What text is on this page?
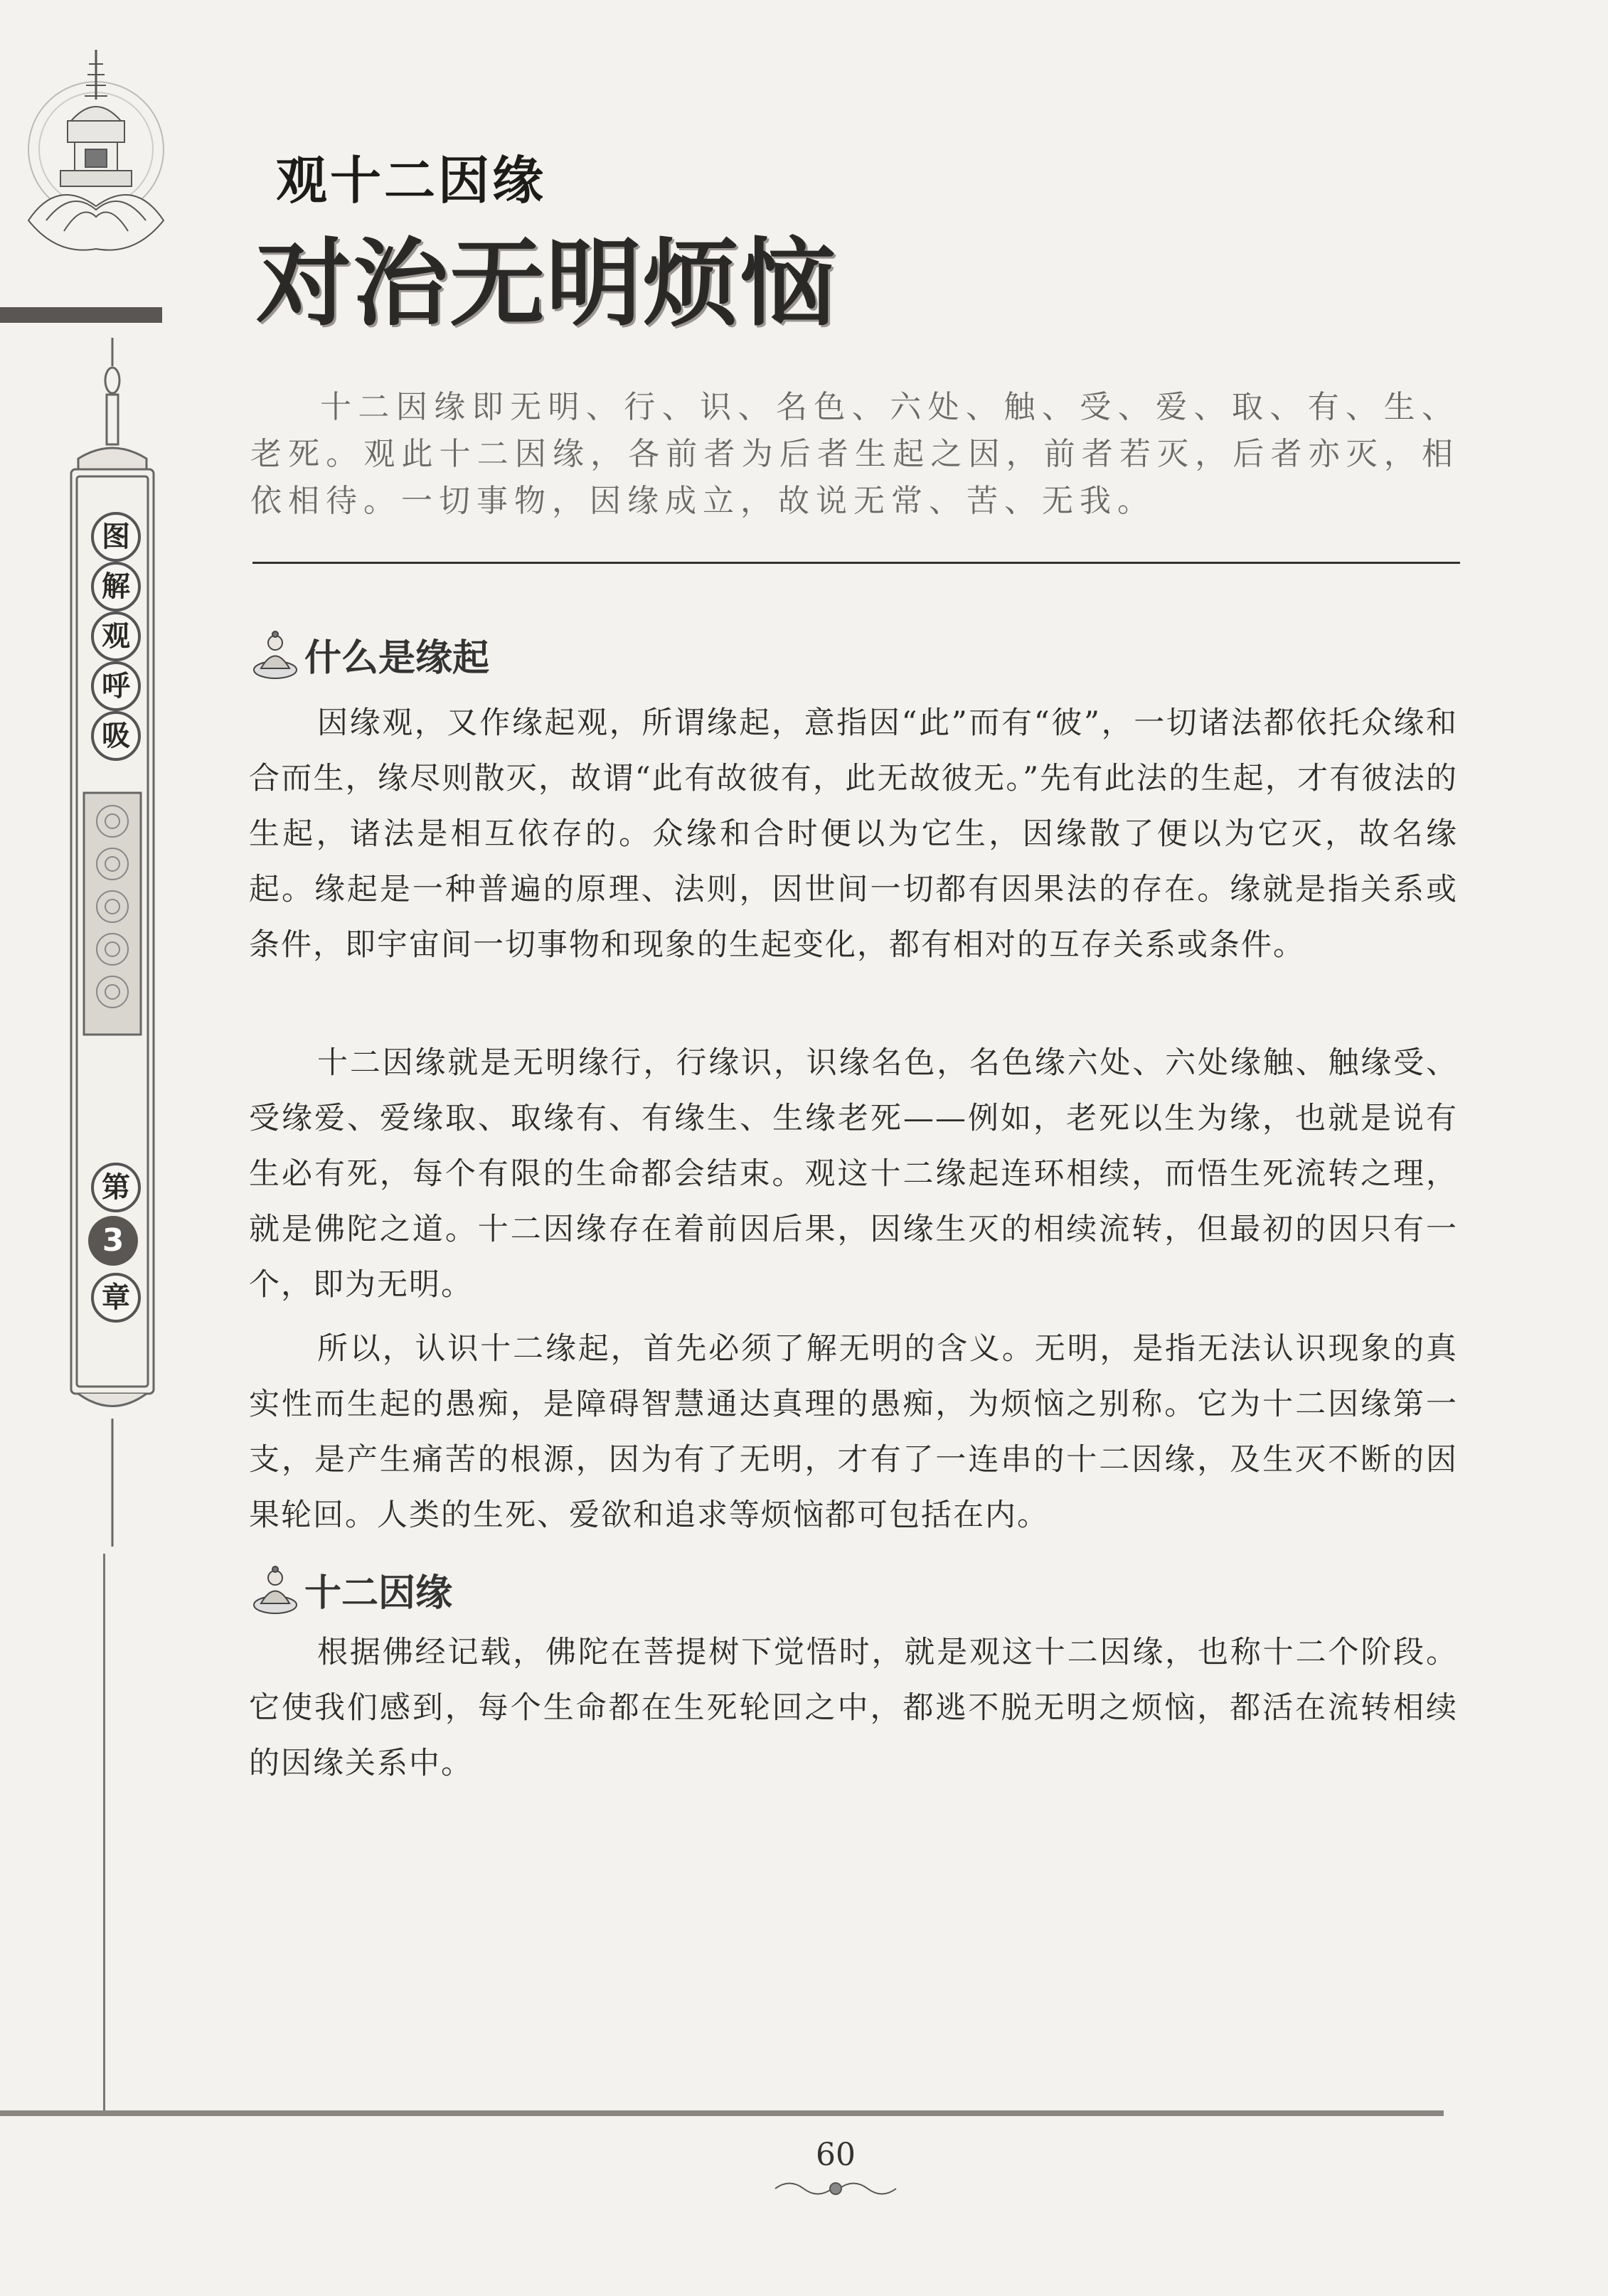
图
解
观
呼
吸
第
3
章
观十二因缘
对治无明烦恼
十二因缘即无明、行、识、名色、六处、触、受、爱、取、有、生、老死。观此十二因缘，各前者为后者生起之因，前者若灭，后者亦灭，相依相待。一切事物，因缘成立，故说无常、苦、无我。
什么是缘起

因缘观，又作缘起观，所谓缘起，意指因“此”而有“彼”，一切诸法都依托众缘和合而生，缘尽则散灭，故谓“此有故彼有，此无故彼无。”先有此法的生起，才有彼法的生起，诸法是相互依存的。众缘和合时便以为它生，因缘散了便以为它灭，故名缘起。缘起是一种普遍的原理、法则，因世间一切都有因果法的存在。缘就是指关系或条件，即宇宙间一切事物和现象的生起变化，都有相对的互存关系或条件。

十二因缘就是无明缘行，行缘识，识缘名色，名色缘六处、六处缘触、触缘受、受缘爱、爱缘取、取缘有、有缘生、生缘老死——例如，老死以生为缘，也就是说有生必有死，每个有限的生命都会结束。观这十二缘起连环相续，而悟生死流转之理，就是佛陀之道。十二因缘存在着前因后果，因缘生灭的相续流转，但最初的因只有一个，即为无明。

所以，认识十二缘起，首先必须了解无明的含义。无明，是指无法认识现象的真实性而生起的愚痴，是障碍智慧通达真理的愚痴，为烦恼之别称。它为十二因缘第一支，是产生痛苦的根源，因为有了无明，才有了一连串的十二因缘，及生灭不断的因果轮回。人类的生死、爱欲和追求等烦恼都可包括在内。

十二因缘

根据佛经记载，佛陀在菩提树下觉悟时，就是观这十二因缘，也称十二个阶段。它使我们感到，每个生命都在生死轮回之中，都逃不脱无明之烦恼，都活在流转相续的因缘关系中。

60
